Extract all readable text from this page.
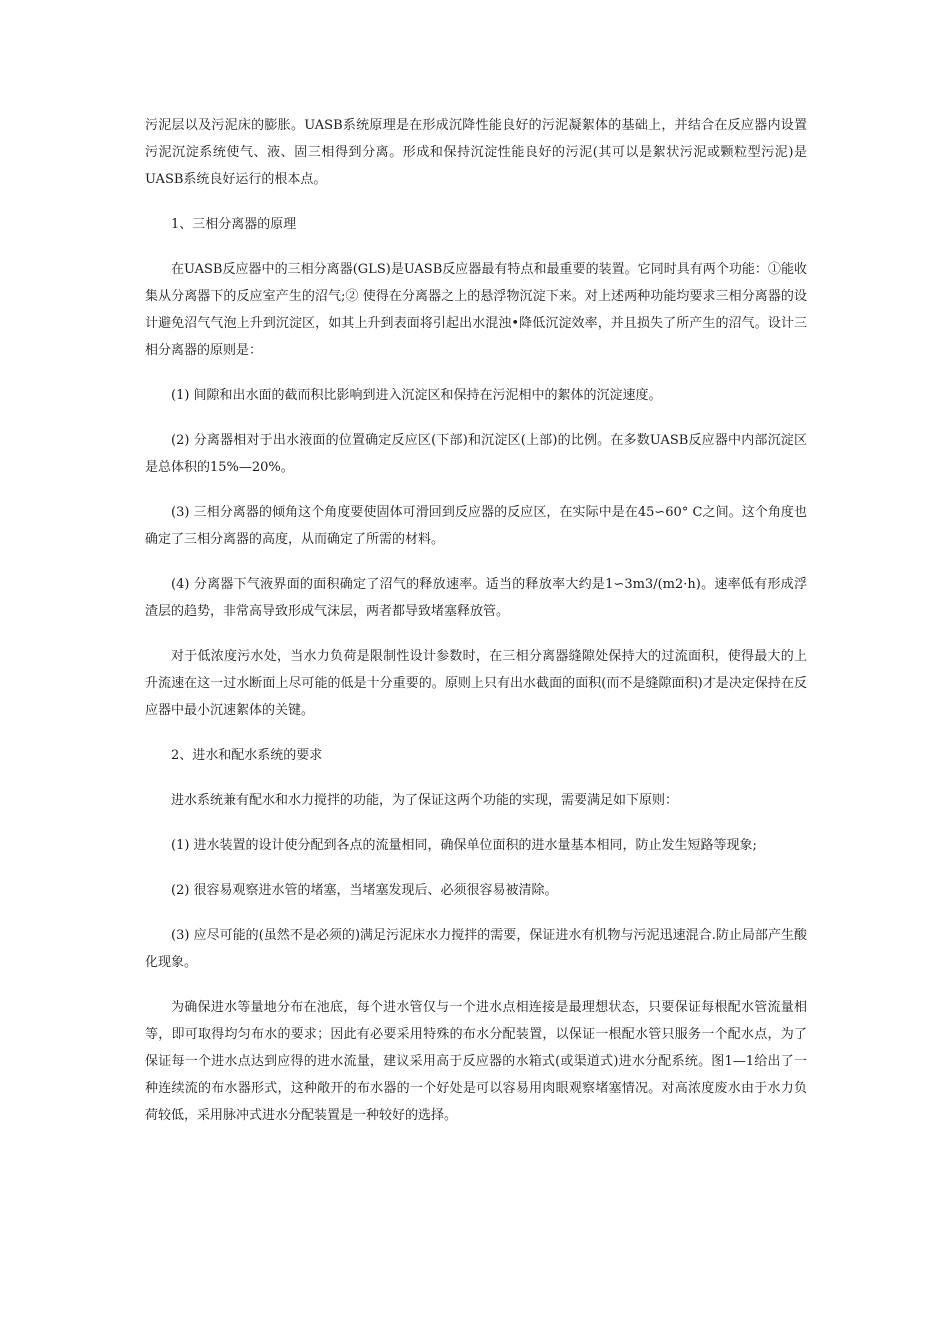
污泥层以及污泥床的膨胀。UASB系统原理是在形成沉降性能良好的污泥凝絮体的基础上，并结合在反应器内设置污泥沉淀系统使气、液、固三相得到分离。形成和保持沉淀性能良好的污泥(其可以是絮状污泥或颗粒型污泥)是UASB系统良好运行的根本点。

1、三相分离器的原理

在UASB反应器中的三相分离器(GLS)是UASB反应器最有特点和最重要的装置。它同时具有两个功能：①能收集从分离器下的反应室产生的沼气;② 使得在分离器之上的悬浮物沉淀下来。对上述两种功能均要求三相分离器的设计避免沼气气泡上升到沉淀区，如其上升到表面将引起出水混浊•降低沉淀效率，并且损失了所产生的沼气。设计三相分离器的原则是：

(1) 间隙和出水面的截而积比影响到进入沉淀区和保持在污泥相中的絮体的沉淀速度。

(2) 分离器相对于出水液面的位置确定反应区(下部)和沉淀区(上部)的比例。在多数UASB反应器中内部沉淀区是总体积的15%—20%。

(3) 三相分离器的倾角这个角度要使固体可滑回到反应器的反应区，在实际中是在45∽60° C之间。这个角度也确定了三相分离器的高度，从而确定了所需的材料。

(4) 分离器下气液界面的面积确定了沼气的释放速率。适当的释放率大约是1∽3m3/(m2·h)。速率低有形成浮渣层的趋势，非常高导致形成气沫层，两者都导致堵塞释放管。

对于低浓度污水处，当水力负荷是限制性设计参数时，在三相分离器缝隙处保持大的过流面积，使得最大的上升流速在这一过水断面上尽可能的低是十分重要的。原则上只有出水截面的面积(而不是缝隙面积)才是决定保持在反应器中最小沉速絮体的关键。

2、进水和配水系统的要求

进水系统兼有配水和水力搅拌的功能，为了保证这两个功能的实现，需要满足如下原则：

(1) 进水装置的设计使分配到各点的流量相同，确保单位面积的进水量基本相同，防止发生短路等现象;

(2) 很容易观察进水管的堵塞，当堵塞发现后、必须很容易被清除。

(3) 应尽可能的(虽然不是必须的)满足污泥床水力搅拌的需要，保证进水有机物与污泥迅速混合.防止局部产生酸化现象。

为确保进水等量地分布在池底，每个进水管仅与一个进水点相连接是最理想状态，只要保证每根配水管流量相等，即可取得均匀布水的要求；因此有必要采用特殊的布水分配装置，以保证一根配水管只服务一个配水点，为了保证每一个进水点达到应得的进水流量，建议采用高于反应器的水箱式(或渠道式)进水分配系统。图1—1给出了一种连续流的布水器形式，这种敞开的布水器的一个好处是可以容易用肉眼观察堵塞情况。对高浓度废水由于水力负荷较低，采用脉冲式进水分配装置是一种较好的选择。
